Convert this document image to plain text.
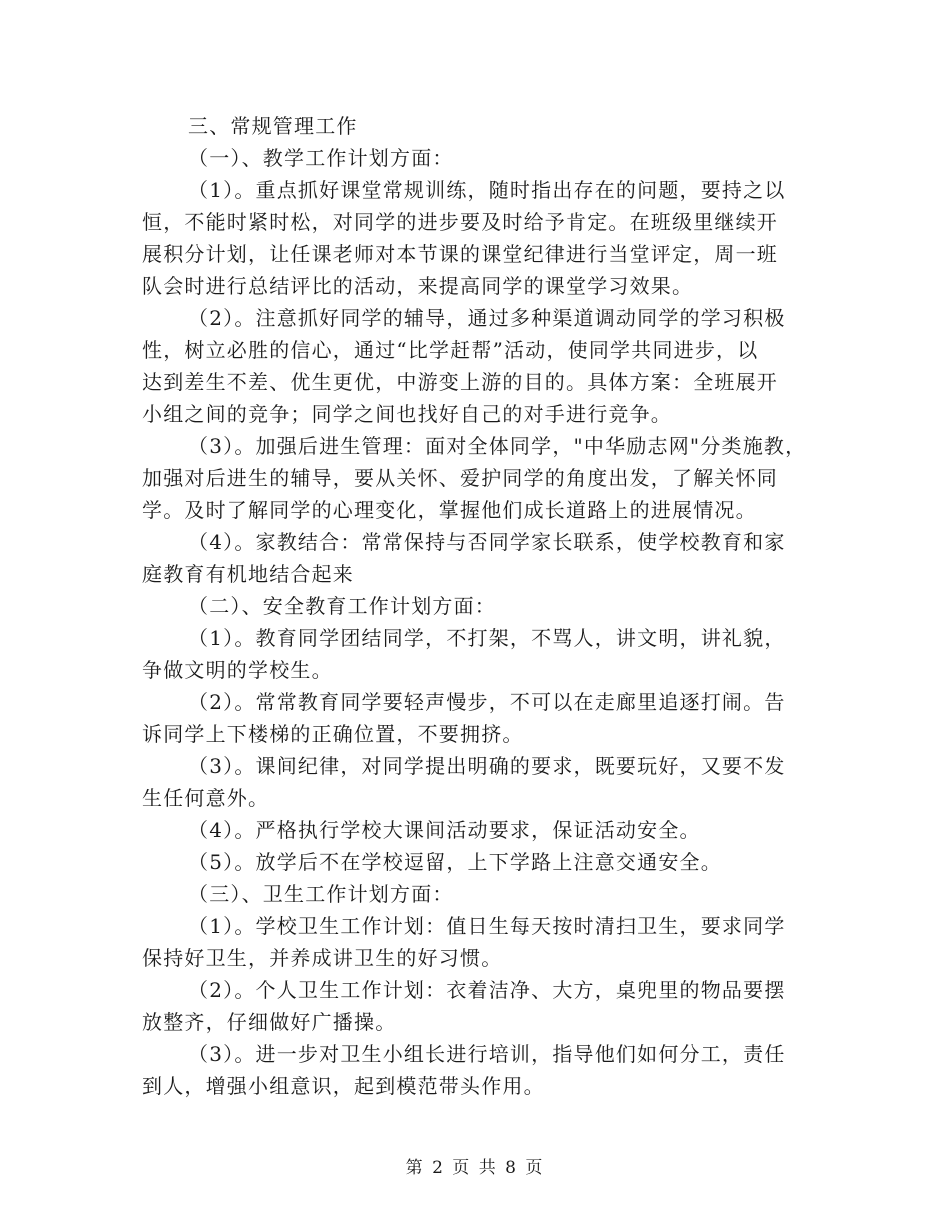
三、常规管理工作
（一）、教学工作计划方面：
（1）。重点抓好课堂常规训练，随时指出存在的问题，要持之以
恒，不能时紧时松，对同学的进步要及时给予肯定。在班级里继续开
展积分计划，让任课老师对本节课的课堂纪律进行当堂评定，周一班
队会时进行总结评比的活动，来提高同学的课堂学习效果。
（2）。注意抓好同学的辅导，通过多种渠道调动同学的学习积极
性，树立必胜的信心，通过“比学赶帮”活动，使同学共同进步，以
达到差生不差、优生更优，中游变上游的目的。具体方案：全班展开
小组之间的竞争；同学之间也找好自己的对手进行竞争。
（3）。加强后进生管理：面对全体同学，"中华励志网"分类施教，
加强对后进生的辅导，要从关怀、爱护同学的角度出发，了解关怀同
学。及时了解同学的心理变化，掌握他们成长道路上的进展情况。
（4）。家教结合：常常保持与否同学家长联系，使学校教育和家
庭教育有机地结合起来
（二）、安全教育工作计划方面：
（1）。教育同学团结同学，不打架，不骂人，讲文明，讲礼貌，
争做文明的学校生。
（2）。常常教育同学要轻声慢步，不可以在走廊里追逐打闹。告
诉同学上下楼梯的正确位置，不要拥挤。
（3）。课间纪律，对同学提出明确的要求，既要玩好，又要不发
生任何意外。
（4）。严格执行学校大课间活动要求，保证活动安全。
（5）。放学后不在学校逗留，上下学路上注意交通安全。
（三）、卫生工作计划方面：
（1）。学校卫生工作计划：值日生每天按时清扫卫生，要求同学
保持好卫生，并养成讲卫生的好习惯。
（2）。个人卫生工作计划：衣着洁净、大方，桌兜里的物品要摆
放整齐，仔细做好广播操。
（3）。进一步对卫生小组长进行培训，指导他们如何分工，责任
到人，增强小组意识，起到模范带头作用。
第 2 页 共 8 页
